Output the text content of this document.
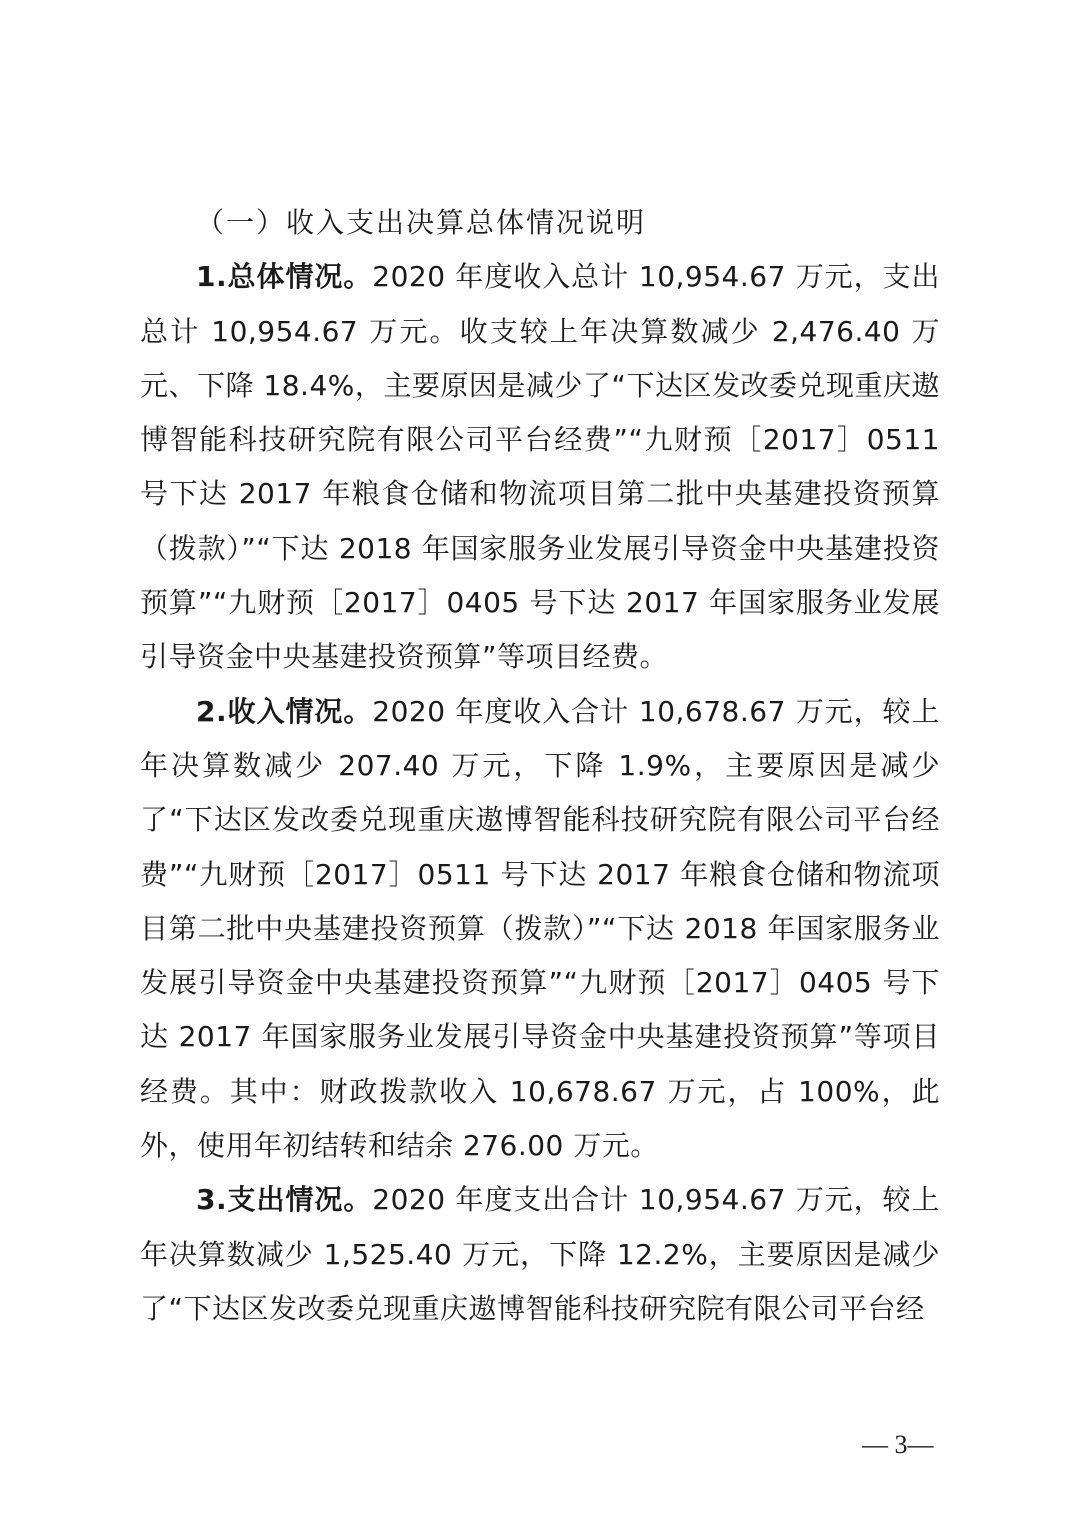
（一）收入支出决算总体情况说明

1.总体情况。2020 年度收入总计 10,954.67 万元，支出总计 10,954.67 万元。收支较上年决算数减少 2,476.40 万元、下降 18.4%，主要原因是减少了“下达区发改委兑现重庆遨博智能科技研究院有限公司平台经费”“九财预［2017］0511 号下达 2017 年粮食仓储和物流项目第二批中央基建投资预算（拨款）”“下达 2018 年国家服务业发展引导资金中央基建投资预算”“九财预［2017］0405 号下达 2017 年国家服务业发展引导资金中央基建投资预算”等项目经费。

2.收入情况。2020 年度收入合计 10,678.67 万元，较上年决算数减少 207.40 万元，下降 1.9%，主要原因是减少了“下达区发改委兑现重庆遨博智能科技研究院有限公司平台经费”“九财预［2017］0511 号下达 2017 年粮食仓储和物流项目第二批中央基建投资预算（拨款）”“下达 2018 年国家服务业发展引导资金中央基建投资预算”“九财预［2017］0405 号下达 2017 年国家服务业发展引导资金中央基建投资预算”等项目经费。其中：财政拨款收入 10,678.67 万元，占 100%，此外，使用年初结转和结余 276.00 万元。

3.支出情况。2020 年度支出合计 10,954.67 万元，较上年决算数减少 1,525.40 万元，下降 12.2%，主要原因是减少了“下达区发改委兑现重庆遨博智能科技研究院有限公司平台经

— 3—
